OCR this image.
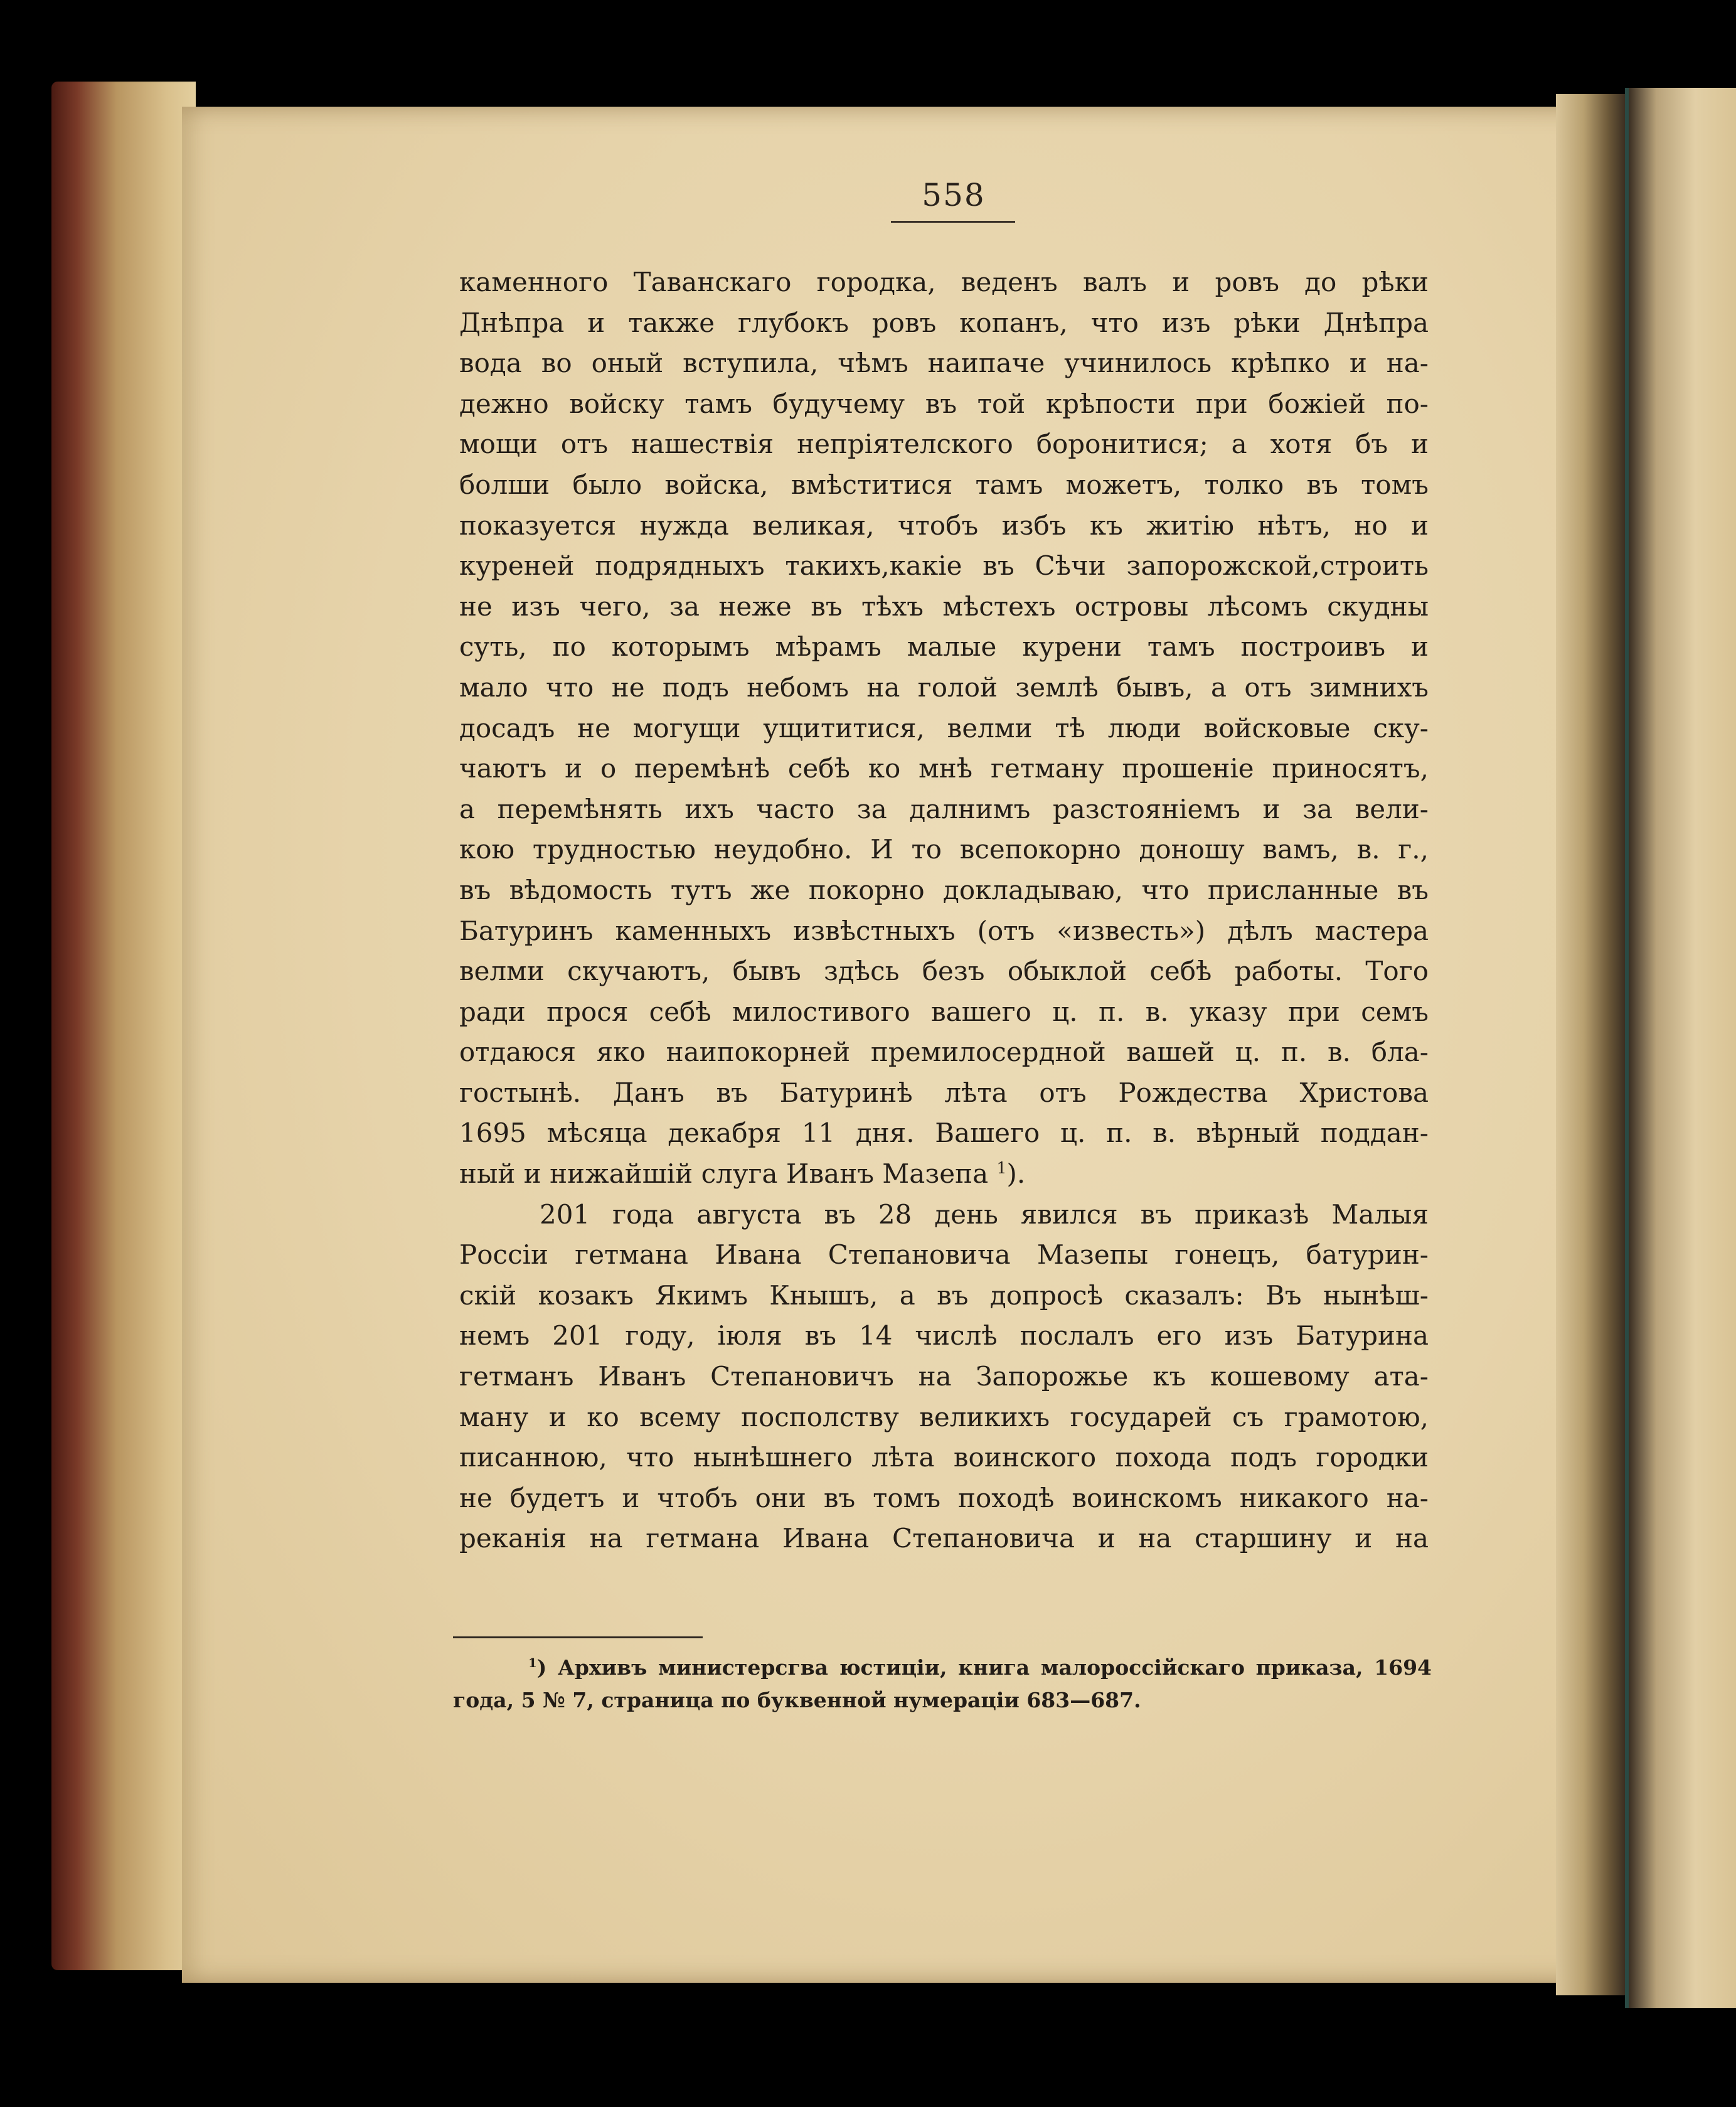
558
каменного Таванскаго городка, веденъ валъ и ровъ до рѣки
Днѣпра и также глубокъ ровъ копанъ, что изъ рѣки Днѣпра
вода во оный вступила, чѣмъ наипаче учинилось крѣпко и на-
дежно войску тамъ будучему въ той крѣпости при божіей по-
мощи отъ нашествія непріятелского боронитися; а хотя бъ и
болши было войска, вмѣститися тамъ можетъ, толко въ томъ
показуется нужда великая, чтобъ избъ къ житію нѣтъ, но и
куреней подрядныхъ такихъ,какіе въ Сѣчи запорожской,строить
не изъ чего, за неже въ тѣхъ мѣстехъ островы лѣсомъ скудны
суть, по которымъ мѣрамъ малые курени тамъ построивъ и
мало что не подъ небомъ на голой землѣ бывъ, а отъ зимнихъ
досадъ не могущи ущититися, велми тѣ люди войсковые ску-
чаютъ и о перемѣнѣ себѣ ко мнѣ гетману прошеніе приносятъ,
а перемѣнять ихъ часто за далнимъ разстояніемъ и за вели-
кою трудностью неудобно. И то всепокорно доношу вамъ, в. г.,
въ вѣдомость тутъ же покорно докладываю, что присланные въ
Батуринъ каменныхъ извѣстныхъ (отъ «известь») дѣлъ мастера
велми скучаютъ, бывъ здѣсь безъ обыклой себѣ работы. Того
ради прося себѣ милостивого вашего ц. п. в. указу при семъ
отдаюся яко наипокорней премилосердной вашей ц. п. в. бла-
гостынѣ. Данъ въ Батуринѣ лѣта отъ Рождества Христова
1695 мѣсяца декабря 11 дня. Вашего ц. п. в. вѣрный поддан-
ный и нижайшій слуга Иванъ Мазепа $^1$).
201 года августа въ 28 день явился въ приказѣ Малыя
Россіи гетмана Ивана Степановича Мазепы гонецъ, батурин-
скій козакъ Якимъ Кнышъ, а въ допросѣ сказалъ: Въ нынѣш-
немъ 201 году, іюля въ 14 числѣ послалъ его изъ Батурина
гетманъ Иванъ Степановичъ на Запорожье къ кошевому ата-
ману и ко всему посполству великихъ государей съ грамотою,
писанною, что нынѣшнего лѣта воинского похода подъ городки
не будетъ и чтобъ они въ томъ походѣ воинскомъ никакого на-
реканія на гетмана Ивана Степановича и на старшину и на
$^1$) Архивъ министерсгва юстиціи, книга малороссійскаго приказа, 1694
года, 5 № 7, страница по буквенной нумераціи 683—687.
